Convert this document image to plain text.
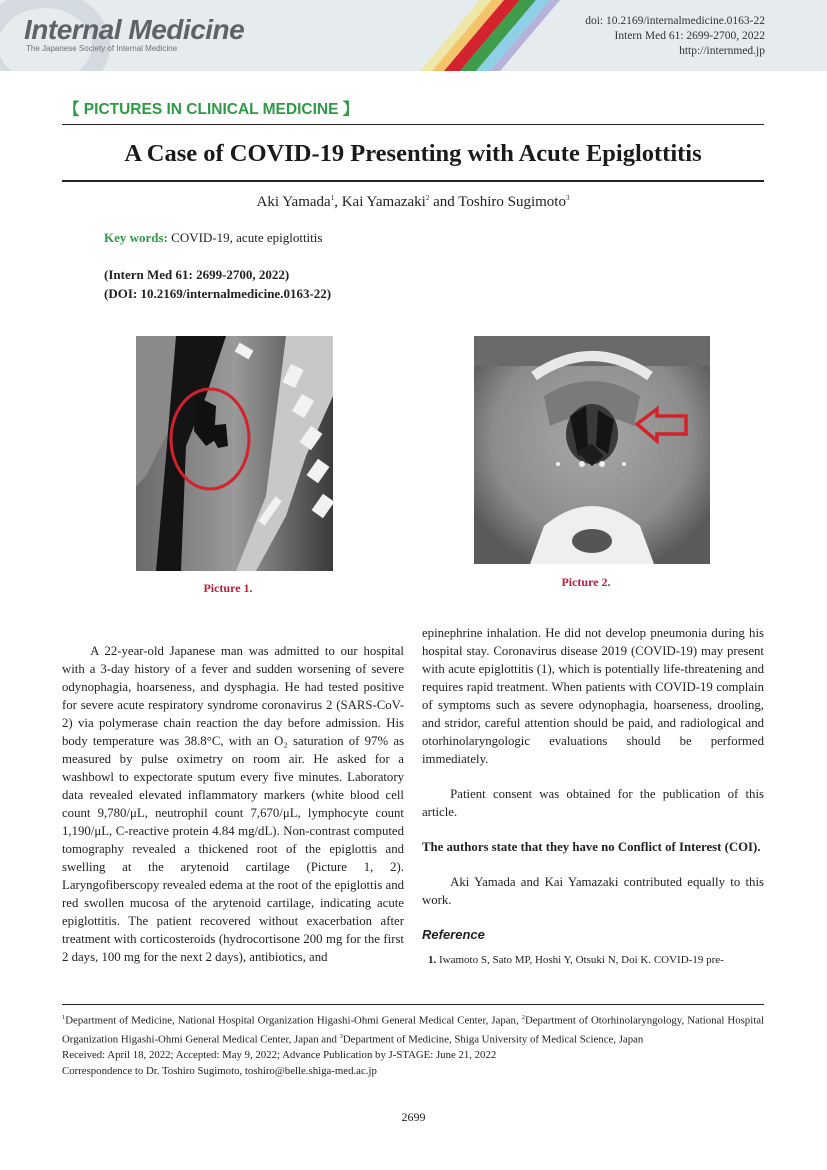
Internal Medicine
The Japanese Society of Internal Medicine
doi: 10.2169/internalmedicine.0163-22
Intern Med 61: 2699-2700, 2022
http://internmed.jp
【 PICTURES IN CLINICAL MEDICINE 】
A Case of COVID-19 Presenting with Acute Epiglottitis
Aki Yamada$^1$, Kai Yamazaki$^2$ and Toshiro Sugimoto$^3$
Key words: COVID-19, acute epiglottitis
(Intern Med 61: 2699-2700, 2022)
(DOI: 10.2169/internalmedicine.0163-22)
Picture 1.	Picture 2.

A 22-year-old Japanese man was admitted to our hospital with a 3-day history of a fever and sudden worsening of severe odynophagia, hoarseness, and dysphagia. He had tested positive for severe acute respiratory syndrome coronavirus 2 (SARS-CoV-2) via polymerase chain reaction the day before admission. His body temperature was 38.8°C, with an O₂ saturation of 97% as measured by pulse oximetry on room air. He asked for a washbowl to expectorate sputum every five minutes. Laboratory data revealed elevated inflammatory markers (white blood cell count 9,780/μL, neutrophil count 7,670/μL, lymphocyte count 1,190/μL, C-reactive protein 4.84 mg/dL). Non-contrast computed tomography revealed a thickened root of the epiglottis and swelling at the arytenoid cartilage (Picture 1, 2). Laryngofiberscopy revealed edema at the root of the epiglottis and red swollen mucosa of the arytenoid cartilage, indicating acute epiglottitis. The patient recovered without exacerbation after treatment with corticosteroids (hydrocortisone 200 mg for the first 2 days, 100 mg for the next 2 days), antibiotics, and

epinephrine inhalation. He did not develop pneumonia during his hospital stay. Coronavirus disease 2019 (COVID-19) may present with acute epiglottitis (1), which is potentially life-threatening and requires rapid treatment. When patients with COVID-19 complain of symptoms such as severe odynophagia, hoarseness, drooling, and stridor, careful attention should be paid, and radiological and otorhinolaryngologic evaluations should be performed immediately.

Patient consent was obtained for the publication of this article.

The authors state that they have no Conflict of Interest (COI).

Aki Yamada and Kai Yamazaki contributed equally to this work.

Reference

1. Iwamoto S, Sato MP, Hoshi Y, Otsuki N, Doi K. COVID-19 pre-

$^1$Department of Medicine, National Hospital Organization Higashi-Ohmi General Medical Center, Japan, $^2$Department of Otorhinolaryngology, National Hospital Organization Higashi-Ohmi General Medical Center, Japan and $^3$Department of Medicine, Shiga University of Medical Science, Japan
Received: April 18, 2022; Accepted: May 9, 2022; Advance Publication by J-STAGE: June 21, 2022
Correspondence to Dr. Toshiro Sugimoto, toshiro@belle.shiga-med.ac.jp
2699
